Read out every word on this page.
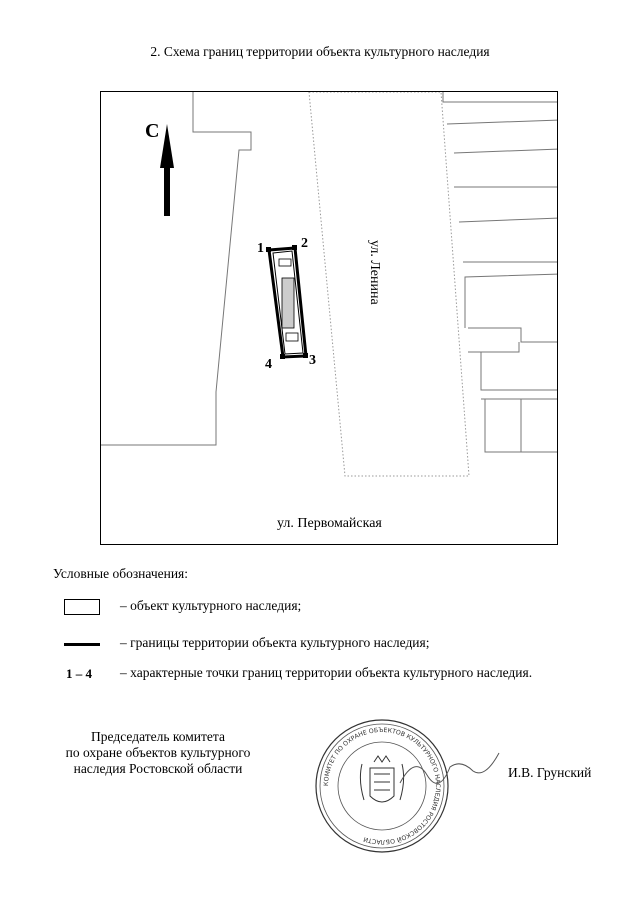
2. Схема границ территории объекта культурного наследия
С
ул. Ленина
ул. Первомайская
1	2
3
4
Условные обозначения:
– объект культурного наследия;
– границы территории объекта культурного наследия;
1 – 4 – характерные точки границ территории объекта культурного наследия.
Председатель комитета
по охране объектов культурного
наследия Ростовской области
КОМИТЕТ ПО ОХРАНЕ ОБЪЕКТОВ КУЛЬТУРНОГО НАСЛЕДИЯ РОСТОВСКОЙ ОБЛАСТИ
И.В. Грунский
